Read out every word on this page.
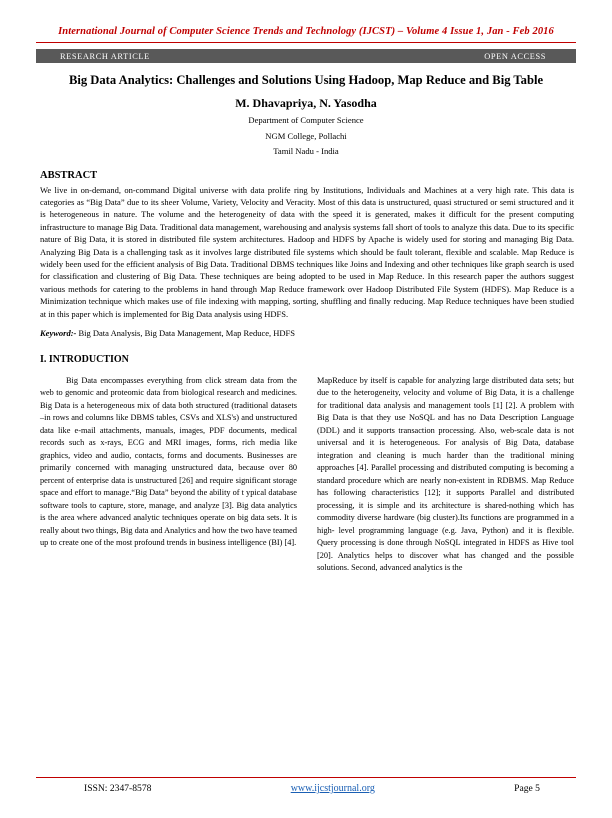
International Journal of Computer Science Trends and Technology (IJCST) – Volume 4 Issue 1, Jan - Feb 2016
RESEARCH ARTICLE	OPEN ACCESS
Big Data Analytics: Challenges and Solutions Using Hadoop, Map Reduce and Big Table
M. Dhavapriya, N. Yasodha
Department of Computer Science
NGM College, Pollachi
Tamil Nadu - India
ABSTRACT
We live in on-demand, on-command Digital universe with data prolife ring by Institutions, Individuals and Machines at a very high rate. This data is categories as “Big Data” due to its sheer Volume, Variety, Velocity and Veracity. Most of this data is unstructured, quasi structured or semi structured and it is heterogeneous in nature. The volume and the heterogeneity of data with the speed it is generated, makes it difficult for the present computing infrastructure to manage Big Data. Traditional data management, warehousing and analysis systems fall short of tools to analyze this data. Due to its specific nature of Big Data, it is stored in distributed file system architectures. Hadoop and HDFS by Apache is widely used for storing and managing Big Data. Analyzing Big Data is a challenging task as it involves large distributed file systems which should be fault tolerant, flexible and scalable. Map Reduce is widely been used for the efficient analysis of Big Data. Traditional DBMS techniques like Joins and Indexing and other techniques like graph search is used for classification and clustering of Big Data. These techniques are being adopted to be used in Map Reduce. In this research paper the authors suggest various methods for catering to the problems in hand through Map Reduce framework over Hadoop Distributed File System (HDFS). Map Reduce is a Minimization technique which makes use of file indexing with mapping, sorting, shuffling and finally reducing. Map Reduce techniques have been studied at in this paper which is implemented for Big Data analysis using HDFS.
Keyword:- Big Data Analysis, Big Data Management, Map Reduce, HDFS
I. INTRODUCTION

Big Data encompasses everything from click stream data from the web to genomic and proteomic data from biological research and medicines. Big Data is a heterogeneous mix of data both structured (traditional datasets –in rows and columns like DBMS tables, CSVs and XLS's) and unstructured data like e-mail attachments, manuals, images, PDF documents, medical records such as x-rays, ECG and MRI images, forms, rich media like graphics, video and audio, contacts, forms and documents. Businesses are primarily concerned with managing unstructured data, because over 80 percent of enterprise data is unstructured [26] and require significant storage space and effort to manage.“Big Data” beyond the ability of t ypical database software tools to capture, store, manage, and analyze [3]. Big data analytics is the area where advanced analytic techniques operate on big data sets. It is really about two things, Big data and Analytics and how the two have teamed up to create one of the most profound trends in business intelligence (BI) [4].

MapReduce by itself is capable for analyzing large distributed data sets; but due to the heterogeneity, velocity and volume of Big Data, it is a challenge for traditional data analysis and management tools [1] [2]. A problem with Big Data is that they use NoSQL and has no Data Description Language (DDL) and it supports transaction processing. Also, web-scale data is not universal and it is heterogeneous. For analysis of Big Data, database integration and cleaning is much harder than the traditional mining approaches [4]. Parallel processing and distributed computing is becoming a standard procedure which are nearly non-existent in RDBMS. Map Reduce has following characteristics [12]; it supports Parallel and distributed processing, it is simple and its architecture is shared-nothing which has commodity diverse hardware (big cluster).Its functions are programmed in a high- level programming language (e.g. Java, Python) and it is flexible. Query processing is done through NoSQL integrated in HDFS as Hive tool [20]. Analytics helps to discover what has changed and the possible solutions. Second, advanced analytics is the

ISSN: 2347-8578	www.ijcstjournal.org	Page 5
